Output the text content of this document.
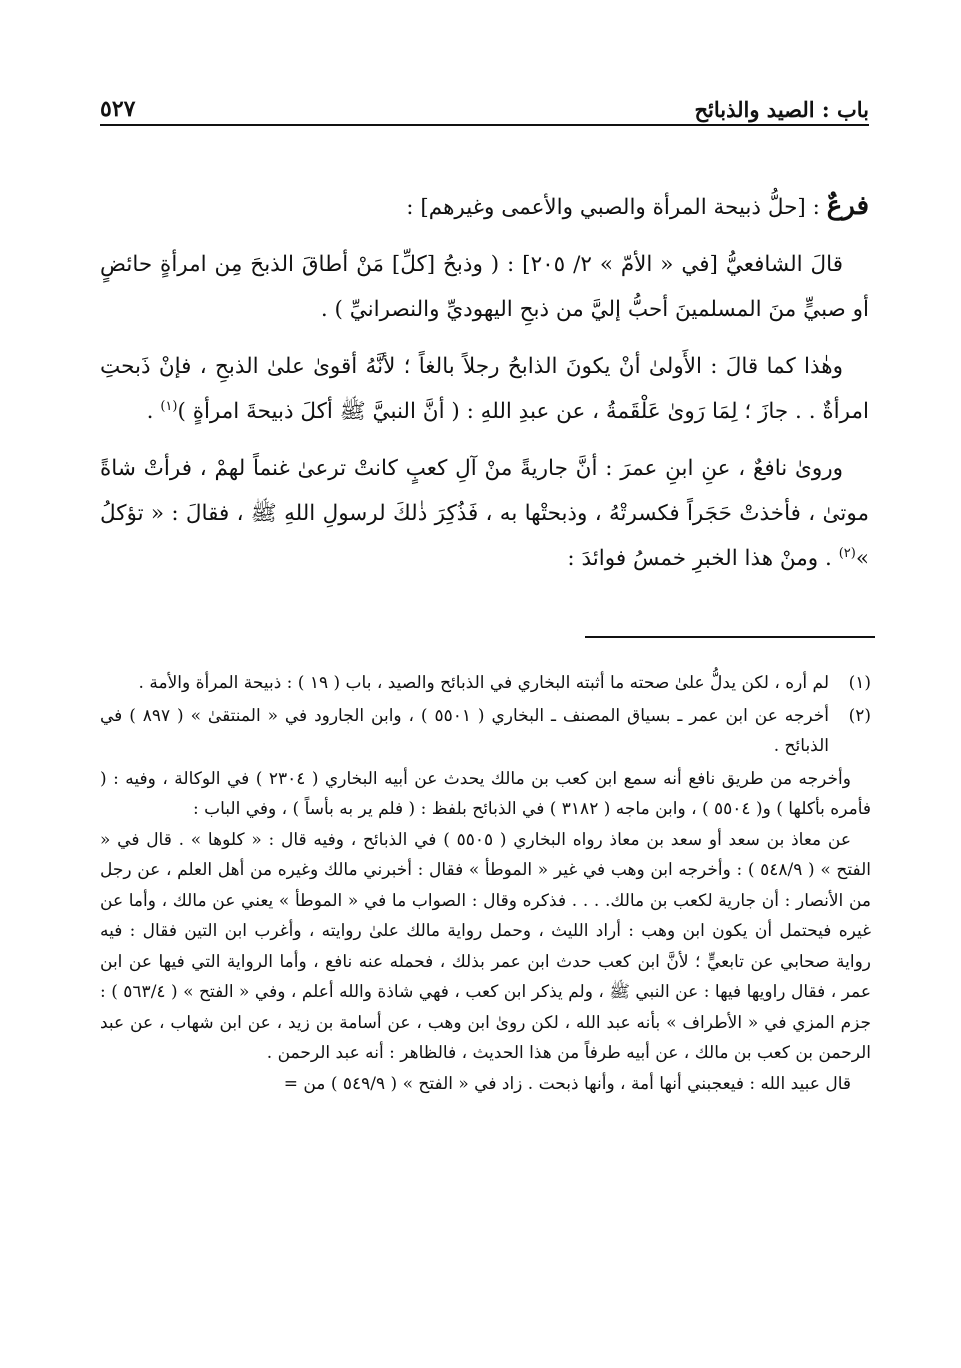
باب : الصيد والذبائح
٥٢٧

فرعٌ : [حلُّ ذبيحة المرأة والصبي والأعمى وغيرهم] :

قالَ الشافعيُّ [في « الأمّ » ٢/ ٢٠٥] : ( وذبحُ [كلِّ] مَنْ أطاقَ الذبحَ مِن امرأةٍ حائضٍ أو صبيٍّ منَ المسلمينَ أحبُّ إليَّ من ذبحِ اليهوديِّ والنصرانيِّ ) .

وهٰذا كما قالَ : الأَولىٰ أنْ يكونَ الذابحُ رجلاً بالغاً ؛ لأنَّهُ أقوىٰ علىٰ الذبحِ ، فإنْ ذَبحتِ امرأةٌ . . جازَ ؛ لِمَا رَوىٰ عَلْقَمةُ ، عن عبدِ اللهِ : ( أنَّ النبيَّ ﷺ أكلَ ذبيحةَ امرأةٍ )$^{(١)}$ .

وروىٰ نافعٌ ، عنِ ابنِ عمرَ : أنَّ جاريةً منْ آلِ كعبٍ كانتْ ترعىٰ غنماً لهمْ ، فرأتْ شاةً موتىٰ ، فأخذتْ حَجَراً فكسرتْهُ ، وذبحتْها به ، فَذُكِرَ ذٰلكَ لرسولِ اللهِ ﷺ ، فقالَ : « تؤكلُ »$^{(٢)}$ . ومنْ هذا الخبرِ خمسُ فوائدَ :

(١)

لم أره ، لكن يدلُّ علىٰ صحته ما أثبته البخاري في الذبائح والصيد ، باب ( ١٩ ) : ذبيحة المرأة والأمة .

(٢)

أخرجه عن ابن عمر ـ بسياق المصنف ـ البخاري ( ٥٥٠١ ) ، وابن الجارود في « المنتقىٰ » ( ٨٩٧ ) في الذبائح .

وأخرجه من طريق نافع أنه سمع ابن كعب بن مالك يحدث عن أبيه البخاري ( ٢٣٠٤ ) في الوكالة ، وفيه : ( فأمره بأكلها ) و( ٥٥٠٤ ) ، وابن ماجه ( ٣١٨٢ ) في الذبائح بلفظ : ( فلم ير به بأساً ) ، وفي الباب :

عن معاذ بن سعد أو سعد بن معاذ رواه البخاري ( ٥٥٠٥ ) في الذبائح ، وفيه قال : « كلوها » . قال في « الفتح » ( ٥٤٨/٩ ) : وأخرجه ابن وهب في غير « الموطأ » فقال : أخبرني مالك وغيره من أهل العلم ، عن رجل من الأنصار : أن جارية لكعب بن مالك. . . . فذكره وقال : الصواب ما في « الموطأ » يعني عن مالك ، وأما عن غيره فيحتمل أن يكون ابن وهب : أراد الليث ، وحمل رواية مالك علىٰ روايته ، وأغرب ابن التين فقال : فيه رواية صحابي عن تابعيٍّ ؛ لأنَّ ابن كعب حدث ابن عمر بذلك ، فحمله عنه نافع ، وأما الرواية التي فيها عن ابن عمر ، فقال راويها فيها : عن النبي ﷺ ، ولم يذكر ابن كعب ، فهي شاذة والله أعلم ، وفي « الفتح » ( ٥٦٣/٤ ) : جزم المزي في « الأطراف » بأنه عبد الله ، لكن روىٰ ابن وهب ، عن أسامة بن زيد ، عن ابن شهاب ، عن عبد الرحمن بن كعب بن مالك ، عن أبيه طرفاً من هذا الحديث ، فالظاهر : أنه عبد الرحمن .

قال عبيد الله : فيعجبني أنها أمة ، وأنها ذبحت . زاد في « الفتح » ( ٥٤٩/٩ ) من =
